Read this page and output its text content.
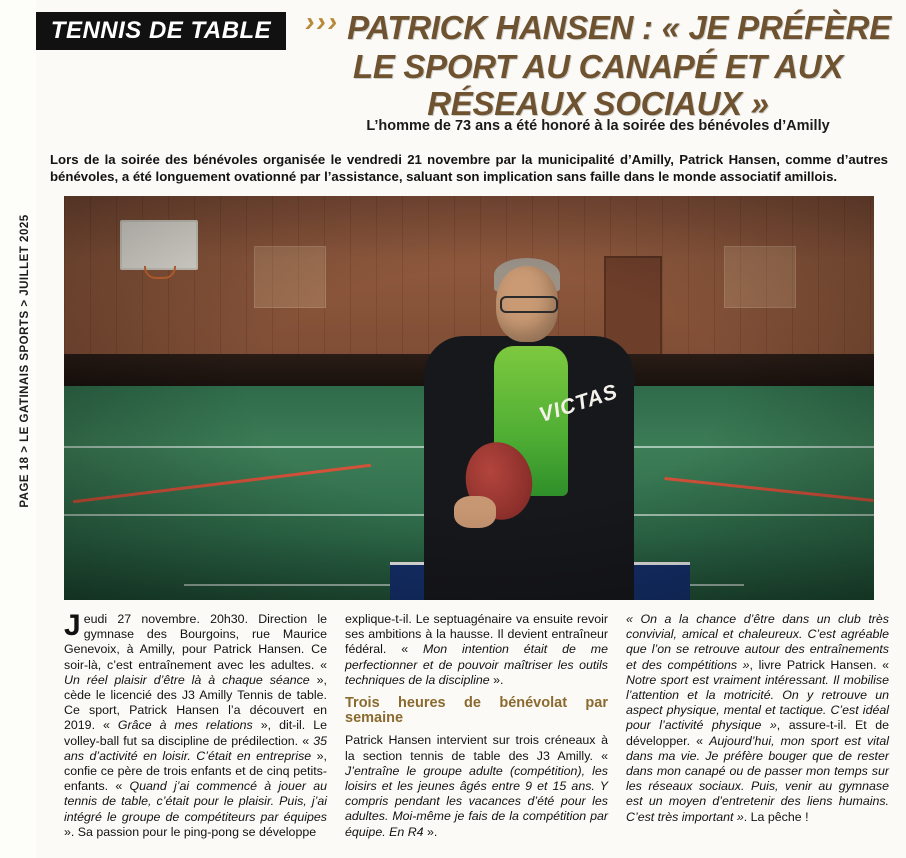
PAGE 18 > LE GATINAIS SPORTS > JUILLET 2025
TENNIS DE TABLE	››› PATRICK HANSEN : « JE PRÉFÈRE
LE SPORT AU CANAPÉ ET AUX RÉSEAUX SOCIAUX »
L’homme de 73 ans a été honoré à la soirée des bénévoles d’Amilly
Lors de la soirée des bénévoles organisée le vendredi 21 novembre par la municipalité d’Amilly, Patrick Hansen, comme d’autres bénévoles, a été longuement ovationné par l’assistance, saluant son implication sans faille dans le monde associatif amillois.

Jeudi 27 novembre. 20h30. Direction le gymnase des Bourgoins, rue Maurice Genevoix, à Amilly, pour Patrick Hansen. Ce soir-là, c’est entraînement avec les adultes. « Un réel plaisir d’être là à chaque séance », cède le licencié des J3 Amilly Tennis de table. Ce sport, Patrick Hansen l’a découvert en 2019. « Grâce à mes relations », dit-il. Le volley-ball fut sa discipline de prédilection. « 35 ans d’activité en loisir. C’était en entreprise », confie ce père de trois enfants et de cinq petits-enfants. « Quand j’ai commencé à jouer au tennis de table, c’était pour le plaisir. Puis, j’ai intégré le groupe de compétiteurs par équipes ». Sa passion pour le ping-pong se développe

explique-t-il. Le septuagénaire va ensuite revoir ses ambitions à la hausse. Il devient entraîneur fédéral. « Mon intention était de me perfectionner et de pouvoir maîtriser les outils techniques de la discipline ».

Trois heures de bénévolat par semaine

Patrick Hansen intervient sur trois créneaux à la section tennis de table des J3 Amilly. « J’entraîne le groupe adulte (compétition), les loisirs et les jeunes âgés entre 9 et 15 ans. Y compris pendant les vacances d’été pour les adultes. Moi-même je fais de la compétition par équipe. En R4 ».

« On a la chance d’être dans un club très convivial, amical et chaleureux. C’est agréable que l’on se retrouve autour des entraînements et des compétitions », livre Patrick Hansen. « Notre sport est vraiment intéressant. Il mobilise l’attention et la motricité. On y retrouve un aspect physique, mental et tactique. C’est idéal pour l’activité physique », assure-t-il. Et de développer. « Aujourd’hui, mon sport est vital dans ma vie. Je préfère bouger que de rester dans mon canapé ou de passer mon temps sur les réseaux sociaux. Puis, venir au gymnase est un moyen d’entretenir des liens humains. C’est très important ». La pêche !
